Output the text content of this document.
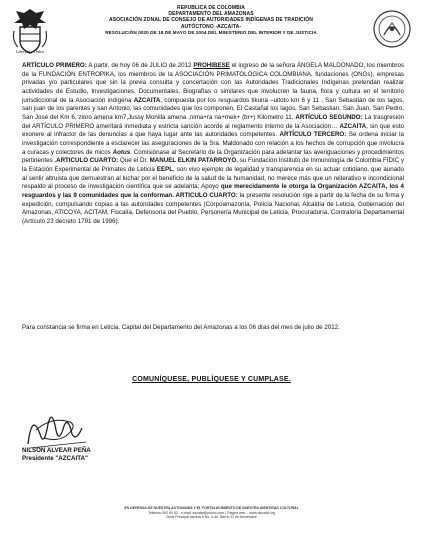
REPUBLICA DE COLOMBIA
DEPARTAMENTO DEL AMAZONAS
ASOCIACIÓN ZONAL DE CONSEJO DE AUTORIDADES INDÍGENAS DE TRADICIÓN
AUTÓCTONO -AZCAITA-
RESOLUCIÓN 0020 DE 18 DE MAYO DE 2004 DEL MINISTERIO DEL INTERIOR Y DE JUSTICIA
Libertad y Orden

ARTÍCULO PRIMERO: A partir, de hoy 06 de JULIO de 2012 PROHIBESE el ingreso de la señora ÁNGELA MALDONADO, los miembros de la FUNDACIÓN ENTROPIKA, los miembros de la ASOCIACIÓN PRIMATOLÓGICA COLOMBIANA, fundaciones (ONGs), empresas privadas y/o particulares que sin la previa consulta y concertación con las Autoridades Tradicionales Indígenas pretendan realizar actividades de Estudio, Investigaciones, Documentales, Biografías o similares que involucren la fauna, flora y cultura en el territorio jurisdiccional de la Asociación indígena AZCAITA, compuesta por los resguardos tikuna –uitoto km 6 y 11 , San Sebastián de los lagos, san juan de los parentes y san Antonio, las comunidades que los componen, El Castañal los lagos, San Sebastian, San Juan, San Pedro, San José del Km 6, zioro amena km7,Jussy Monilla amena ,nima+ra na+mek+ (br+) Kilometro 11. ARTÍCULO SEGUNDO: La trasgresión del ARTÍCULO PRIMERO ameritará inmediata y estricta sanción acorde al reglamento interno de la Asociación… AZCAITA, sin que esto exonere al infractor de las denuncias a que haya lugar ante las autoridades competentes. ARTÍCULO TERCERO: Se ordena iniciar la investigación correspondiente a esclarecer las aseguraciones de la Sra. Maldonado con relación a los hechos de corrupción que involucra a curacas y colectores de micos Aotus. Comisiónase al Secretario de la Organización para adelantar las averiguaciones y procedimientos pertinentes .ARTICULO CUARTO: Que el Dr. MANUEL ELKIN PATARROYO, su Fundación Instituto de Inmunología de Colombia FIDIC y la Estación Experimental de Primates de Leticia EEPL, son vivo ejemplo de legalidad y transparencia en su actuar cotidiano, que aunado al senlir altruista que demuestran al luchar por el beneficio de la salud de la humanidad, no merece más que un reiterativo e incondicional respaldo al proceso de investigación científica que se adelanta; Apoyo que merecidamente le otorga la Organización AZCAITA, los 4 resguardos y las 9 comunidades que la conforman. ARTICULO CUARTO: la presente resolución rige a partir de la fecha de su firma y expedición, compulsando copias a las autoridades competentes (Corpoamazonía, Policía Nacional, Alcaldía de Leticia, Gobernación del Amazonas, ATICOYA, ACITAM, Fiscalía, Defensoría del Pueblo, Personería Municipal de Leticia, Procuraduría, Contraloría Departamental (Artículo 23 decreto 1791 de 1996).

Para constancia se firma en Leticia, Capital del Departamento del Amazonas a los 06 días del mes de julio de 2012.

COMUNÍQUESE, PUBLÍQUESE Y CUMPLASE.
NILSON ALVEAR PEÑA
Presidente "AZCAITA"
EN DEFENSA DE NUESTRA AUTONOMÍA Y EL FORTALECIMIENTO DE NUESTRA IDENTIDAD CULTURAL
Teléfono 592 69 52 - e-mail: azcaita@yahoo.com / Página web – www.azcaita.org
Sede Principal carrera 5 No. 9-40. Barrio 11 de Noviembre
